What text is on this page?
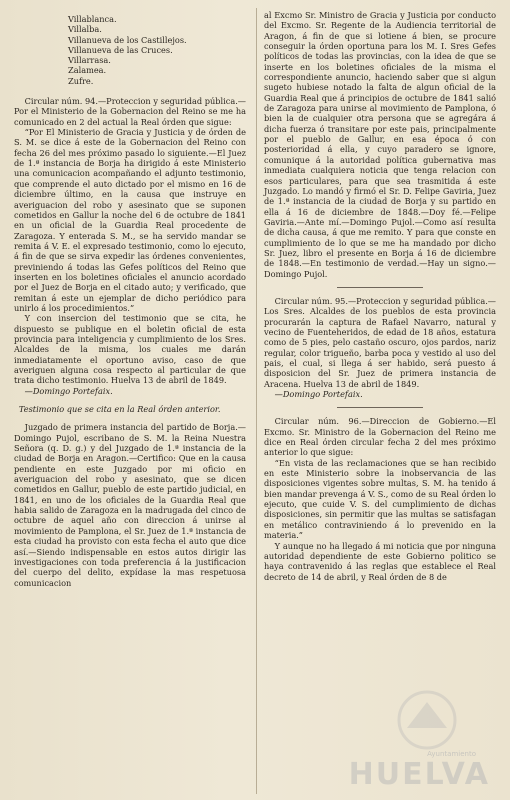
Villablanca.
Villalba.
Villanueva de los Castillejos.
Villanueva de las Cruces.
Villarrasa.
Zalamea.
Zufre.

Circular núm. 94.—Proteccion y seguridad pública.—Por el Ministerio de la Gobernacion del Reino se me ha comunicado en 2 del actual la Real órden que sigue:

“Por El Ministerio de Gracia y Justicia y de órden de S. M. se dice á este de la Gobernacion del Reino con fecha 26 del mes próximo pasado lo siguiente.—El Juez de 1.ª instancia de Borja ha dirigido á este Ministerio una comunicacion acompañando el adjunto testimonio, que comprende el auto dictado por el mismo en 16 de diciembre último, en la causa que instruye en averiguacion del robo y asesinato que se suponen cometidos en Gallur la noche del 6 de octubre de 1841 en un oficial de la Guardia Real procedente de Zaragoza. Y enterada S. M., se ha servido mandar se remita á V. E. el expresado testimonio, como lo ejecuto, á fin de que se sirva expedir las órdenes convenientes, previniendo á todas las Gefes políticos del Reino que inserten en los boletines oficiales el anuncio acordado por el Juez de Borja en el citado auto; y verificado, que remitan á este un ejemplar de dicho periódico para unirlo á los procedimientos.”

Y con insercion del testimonio que se cita, he dispuesto se publique en el boletin oficial de esta provincia para inteligencia y cumplimiento de los Sres. Alcaldes de la misma, los cuales me darán inmediatamente el oportuno aviso, caso de que averiguen alguna cosa respecto al particular de que trata dicho testimonio. Huelva 13 de abril de 1849.

—Domingo Portefaix.

Testimonio que se cita en la Real órden anterior.

Juzgado de primera instancia del partido de Borja.—Domingo Pujol, escribano de S. M. la Reina Nuestra Señora (q. D. g.) y del Juzgado de 1.ª instancia de la ciudad de Borja en Aragon.—Certifico: Que en la causa pendiente en este Juzgado por mi oficio en averiguacion del robo y asesinato, que se dicen cometidos en Gallur, pueblo de este partido judicial, en 1841, en uno de los oficiales de la Guardia Real que habia salido de Zaragoza en la madrugada del cinco de octubre de aquel año con direccion á unirse al movimiento de Pamplona, el Sr. Juez de 1.ª instancia de esta ciudad ha provisto con esta fecha el auto que dice así.—Siendo indispensable en estos autos dirigir las investigaciones con toda preferencia á la justificacion del cuerpo del delito, expídase la mas respetuosa comunicacion

al Excmo Sr. Ministro de Gracia y Justicia por conducto del Excmo. Sr. Regente de la Audiencia territorial de Aragon, á fin de que si lotiene á bien, se procure conseguir la órden oportuna para los M. I. Sres Gefes políticos de todas las provincias, con la idea de que se inserte en los boletines oficiales de la misma el correspondiente anuncio, haciendo saber que si algun sugeto hubiese notado la falta de algun oficial de la Guardia Real que á principios de octubre de 1841 salió de Zaragoza para unirse al movimiento de Pamplona, ó bien la de cualquier otra persona que se agregára á dicha fuerza ó transitare por este pais, principalmente por el pueblo de Gallur, en esa época ó con posterioridad á ella, y cuyo paradero se ignore, comunique á la autoridad política gubernativa mas inmediata cualquiera noticia que tenga relacion con esos particulares, para que sea trasmitida á este Juzgado. Lo mandó y firmó el Sr. D. Felipe Gaviria, Juez de 1.ª instancia de la ciudad de Borja y su partido en ella á 16 de diciembre de 1848.—Doy fé.—Felipe Gaviria.—Ante mí.—Domingo Pujol.—Como así resulta de dicha causa, á que me remito. Y para que conste en cumplimiento de lo que se me ha mandado por dicho Sr. Juez, libro el presente en Borja á 16 de diciembre de 1848.—En testimonio de verdad.—Hay un signo.—Domingo Pujol.

Circular núm. 95.—Proteccion y seguridad pública.—Los Sres. Alcaldes de los pueblos de esta provincia procurarán la captura de Rafael Navarro, natural y vecino de Fuenteheridos, de edad de 18 años, estatura como de 5 pies, pelo castaño oscuro, ojos pardos, nariz regular, color trigueño, barba poca y vestido al uso del pais, el cual, si llega á ser habido, será puesto á disposicion del Sr. Juez de primera instancia de Aracena. Huelva 13 de abril de 1849.

—Domingo Portefaix.

Circular núm. 96.—Direccion de Gobierno.—El Excmo. Sr. Ministro de la Gobernacion del Reino me dice en Real órden circular fecha 2 del mes próximo anterior lo que sigue:

“En vista de las reclamaciones que se han recibido en este Ministerio sobre la inobservancia de las disposiciones vigentes sobre multas, S. M. ha tenido á bien mandar prevenga á V. S., como de su Real órden lo ejecuto, que cuide V. S. del cumplimiento de dichas disposiciones, sin permitir que las multas se satisfagan en metálico contraviniendo á lo prevenido en la materia.”

Y aunque no ha llegado á mi noticia que por ninguna autoridad dependiente de este Gobierno politico se haya contravenido á las reglas que establece el Real decreto de 14 de abril, y Real órden de 8 de

Ayuntamiento
HUELVA
